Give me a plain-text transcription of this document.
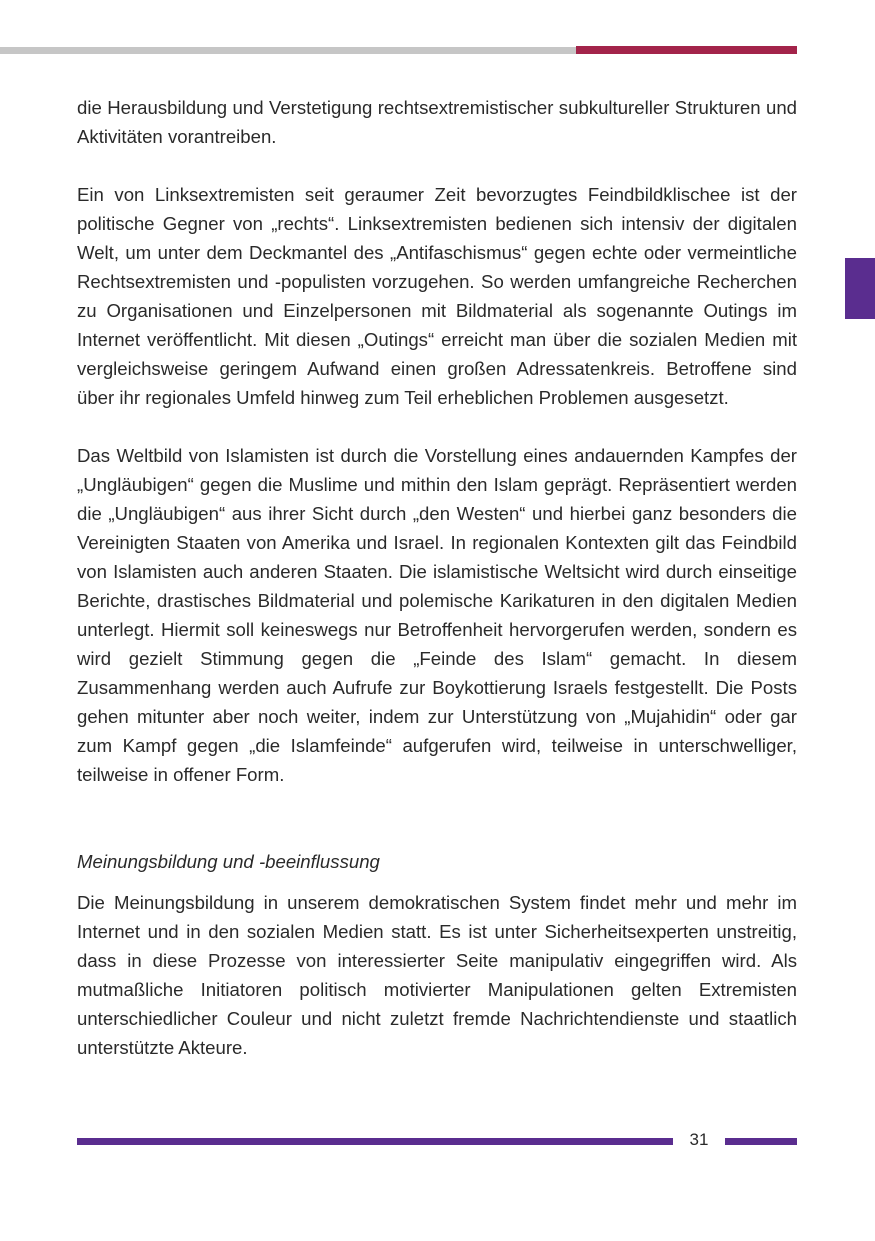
die Herausbildung und Verstetigung rechtsextremistischer subkultureller Strukturen und Aktivitäten vorantreiben.

Ein von Linksextremisten seit geraumer Zeit bevorzugtes Feindbildklischee ist der politische Gegner von „rechts“. Linksextremisten bedienen sich intensiv der digitalen Welt, um unter dem Deckmantel des „Antifaschismus“ gegen echte oder vermeintliche Rechtsextremisten und -populisten vorzugehen. So werden umfangreiche Recherchen zu Organisationen und Einzelpersonen mit Bildmaterial als sogenannte Outings im Internet veröffentlicht. Mit diesen „Outings“ erreicht man über die sozialen Medien mit vergleichsweise geringem Aufwand einen großen Adressatenkreis. Betroffene sind über ihr regionales Umfeld hinweg zum Teil erheblichen Problemen ausgesetzt.

Das Weltbild von Islamisten ist durch die Vorstellung eines andauernden Kampfes der „Ungläubigen“ gegen die Muslime und mithin den Islam geprägt. Repräsentiert werden die „Ungläubigen“ aus ihrer Sicht durch „den Westen“ und hierbei ganz besonders die Vereinigten Staaten von Amerika und Israel. In regionalen Kontexten gilt das Feindbild von Islamisten auch anderen Staaten. Die islamistische Weltsicht wird durch einseitige Berichte, drastisches Bildmaterial und polemische Karikaturen in den digitalen Medien unterlegt. Hiermit soll keineswegs nur Betroffenheit hervorgerufen werden, sondern es wird gezielt Stimmung gegen die „Feinde des Islam“ gemacht. In diesem Zusammenhang werden auch Aufrufe zur Boykottierung Israels festgestellt. Die Posts gehen mitunter aber noch weiter, indem zur Unterstützung von „Mujahidin“ oder gar zum Kampf gegen „die Islamfeinde“ aufgerufen wird, teilweise in unterschwelliger, teilweise in offener Form.

Meinungsbildung und -beeinflussung

Die Meinungsbildung in unserem demokratischen System findet mehr und mehr im Internet und in den sozialen Medien statt. Es ist unter Sicherheitsexperten unstreitig, dass in diese Prozesse von interessierter Seite manipulativ eingegriffen wird. Als mutmaßliche Initiatoren politisch motivierter Manipulationen gelten Extremisten unterschiedlicher Couleur und nicht zuletzt fremde Nachrichtendienste und staatlich unterstützte Akteure.

31
